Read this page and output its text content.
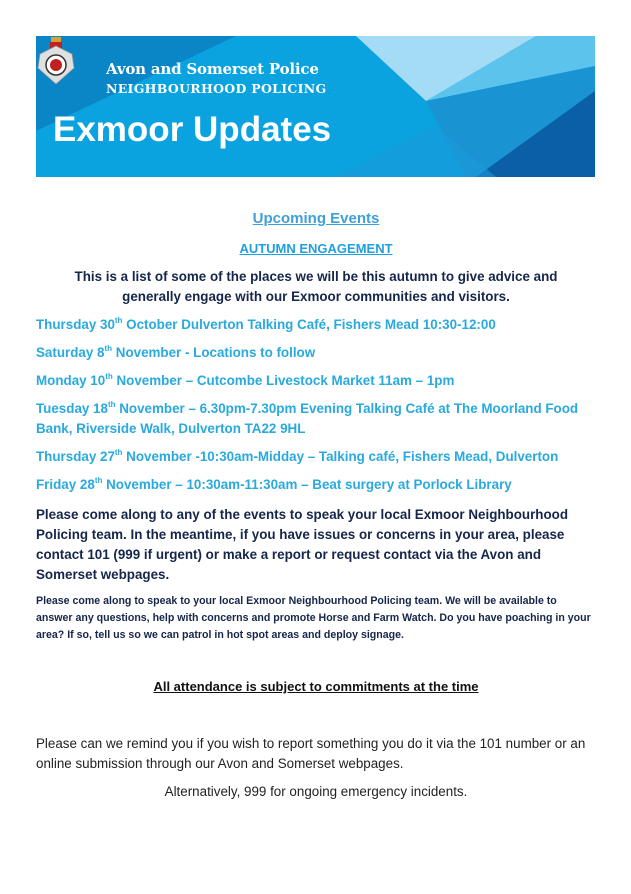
Avon and Somerset Police
NEIGHBOURHOOD POLICING
Exmoor Updates
Upcoming Events
AUTUMN ENGAGEMENT
This is a list of some of the places we will be this autumn to give advice and generally engage with our Exmoor communities and visitors.
Thursday 30th October Dulverton Talking Café, Fishers Mead 10:30-12:00
Saturday 8th November - Locations to follow
Monday 10th November – Cutcombe Livestock Market 11am – 1pm
Tuesday 18th November – 6.30pm-7.30pm Evening Talking Café at The Moorland Food Bank, Riverside Walk, Dulverton TA22 9HL
Thursday 27th November -10:30am-Midday – Talking café, Fishers Mead, Dulverton
Friday 28th November – 10:30am-11:30am – Beat surgery at Porlock Library
Please come along to any of the events to speak your local Exmoor Neighbourhood Policing team. In the meantime, if you have issues or concerns in your area, please contact 101 (999 if urgent) or make a report or request contact via the Avon and Somerset webpages.
Please come along to speak to your local Exmoor Neighbourhood Policing team. We will be available to answer any questions, help with concerns and promote Horse and Farm Watch. Do you have poaching in your area? If so, tell us so we can patrol in hot spot areas and deploy signage.
All attendance is subject to commitments at the time
Please can we remind you if you wish to report something you do it via the 101 number or an online submission through our Avon and Somerset webpages.
Alternatively, 999 for ongoing emergency incidents.
